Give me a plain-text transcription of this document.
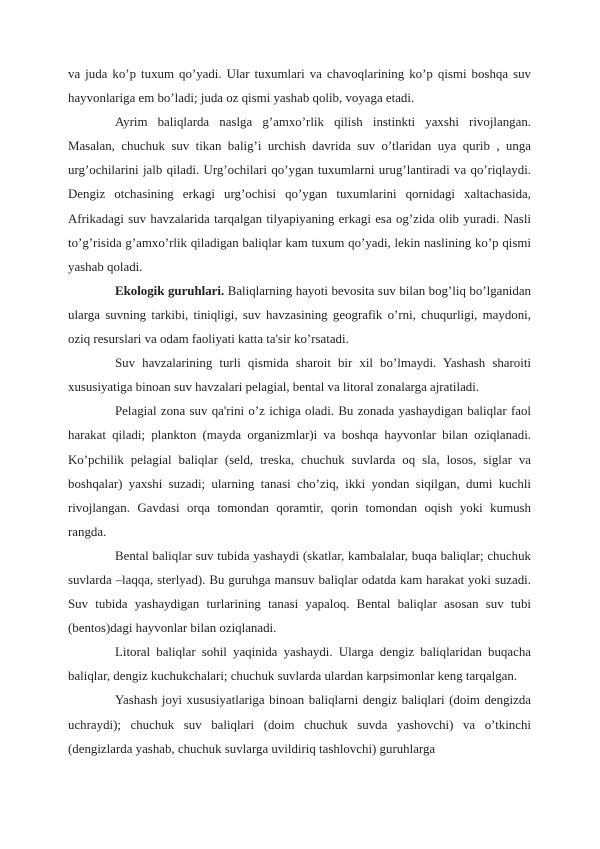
va juda ko’p tuxum qo’yadi. Ular tuxumlari va chavoqlarining ko’p qismi boshqa suv hayvonlariga em bo’ladi; juda oz qismi yashab qolib, voyaga etadi.

Ayrim baliqlarda naslga g’amxo’rlik qilish instinkti yaxshi rivojlangan. Masalan, chuchuk suv tikan balig’i urchish davrida suv o’tlaridan uya qurib , unga urg’ochilarini jalb qiladi. Urg’ochilari qo’ygan tuxumlarni urug’lantiradi va qo’riqlaydi. Dengiz otchasining erkagi urg’ochisi qo’ygan tuxumlarini qornidagi xaltachasida, Afrikadagi suv havzalarida tarqalgan tilyapiyaning erkagi esa og’zida olib yuradi. Nasli to’g’risida g’amxo’rlik qiladigan baliqlar kam tuxum qo’yadi, lekin naslining ko’p qismi yashab qoladi.

Ekologik guruhlari. Baliqlarning hayoti bevosita suv bilan bog’liq bo’lganidan ularga suvning tarkibi, tiniqligi, suv havzasining geografik o’rni, chuqurligi, maydoni, oziq resurslari va odam faoliyati katta ta'sir ko’rsatadi.

Suv havzalarining turli qismida sharoit bir xil bo’lmaydi. Yashash sharoiti xususiyatiga binoan suv havzalari pelagial, bental va litoral zonalarga ajratiladi.

Pelagial zona suv qa'rini o’z ichiga oladi. Bu zonada yashaydigan baliqlar faol harakat qiladi; plankton (mayda organizmlar)i va boshqa hayvonlar bilan oziqlanadi. Ko’pchilik pelagial baliqlar (seld, treska, chuchuk suvlarda oq sla, losos, siglar va boshqalar) yaxshi suzadi; ularning tanasi cho’ziq, ikki yondan siqilgan, dumi kuchli rivojlangan. Gavdasi orqa tomondan qoramtir, qorin tomondan oqish yoki kumush rangda.

Bental baliqlar suv tubida yashaydi (skatlar, kambalalar, buqa baliqlar; chuchuk suvlarda –laqqa, sterlyad). Bu guruhga mansuv baliqlar odatda kam harakat yoki suzadi. Suv tubida yashaydigan turlarining tanasi yapaloq. Bental baliqlar asosan suv tubi (bentos)dagi hayvonlar bilan oziqlanadi.

Litoral baliqlar sohil yaqinida yashaydi. Ularga dengiz baliqlaridan buqacha baliqlar, dengiz kuchukchalari; chuchuk suvlarda ulardan karpsimonlar keng tarqalgan.

Yashash joyi xususiyatlariga binoan baliqlarni dengiz baliqlari (doim dengizda uchraydi); chuchuk suv baliqlari (doim chuchuk suvda yashovchi) va o’tkinchi (dengizlarda yashab, chuchuk suvlarga uvildiriq tashlovchi) guruhlarga
